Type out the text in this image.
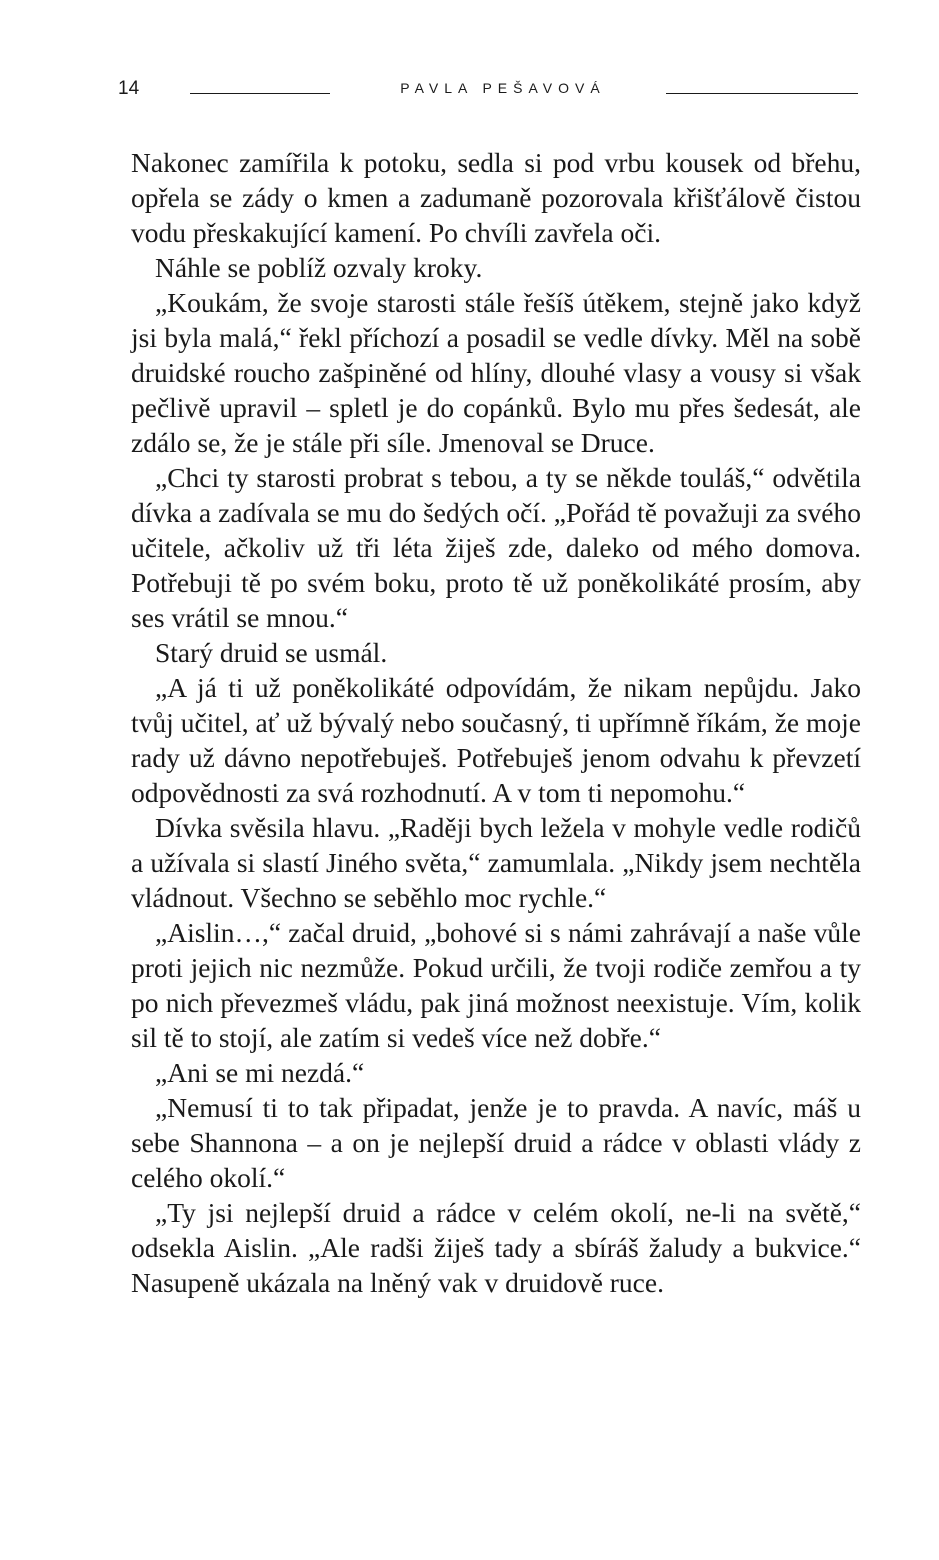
14	PAVLA PEŠAVOVÁ

Nakonec zamířila k potoku, sedla si pod vrbu kousek od břehu, opřela se zády o kmen a zadumaně pozorovala křišťálově čistou vodu přeskakující kamení. Po chvíli zavřela oči.

Náhle se poblíž ozvaly kroky.

„Koukám, že svoje starosti stále řešíš útěkem, stejně jako když jsi byla malá,“ řekl příchozí a posadil se vedle dívky. Měl na sobě druidské roucho zašpiněné od hlíny, dlouhé vlasy a vousy si však pečlivě upravil – spletl je do copánků. Bylo mu přes šedesát, ale zdálo se, že je stále při síle. Jmenoval se Druce.

„Chci ty starosti probrat s tebou, a ty se někde touláš,“ odvětila dívka a zadívala se mu do šedých očí. „Pořád tě považuji za svého učitele, ačkoliv už tři léta žiješ zde, daleko od mého domova. Potřebuji tě po svém boku, proto tě už poněkolikáté prosím, aby ses vrátil se mnou.“

Starý druid se usmál.

„A já ti už poněkolikáté odpovídám, že nikam nepůjdu. Jako tvůj učitel, ať už bývalý nebo současný, ti upřímně říkám, že moje rady už dávno nepotřebuješ. Potřebuješ jenom odvahu k převzetí odpovědnosti za svá rozhodnutí. A v tom ti nepomohu.“

Dívka svěsila hlavu. „Raději bych ležela v mohyle vedle rodičů a užívala si slastí Jiného světa,“ zamumlala. „Nikdy jsem nechtěla vládnout. Všechno se seběhlo moc rychle.“

„Aislin…,“ začal druid, „bohové si s námi zahrávají a naše vůle proti jejich nic nezmůže. Pokud určili, že tvoji rodiče zemřou a ty po nich převezmeš vládu, pak jiná možnost neexistuje. Vím, kolik sil tě to stojí, ale zatím si vedeš více než dobře.“

„Ani se mi nezdá.“

„Nemusí ti to tak připadat, jenže je to pravda. A navíc, máš u sebe Shannona – a on je nejlepší druid a rádce v oblasti vlády z celého okolí.“

„Ty jsi nejlepší druid a rádce v celém okolí, ne-li na světě,“ odsekla Aislin. „Ale radši žiješ tady a sbíráš žaludy a bukvice.“ Nasupeně ukázala na lněný vak v druidově ruce.
